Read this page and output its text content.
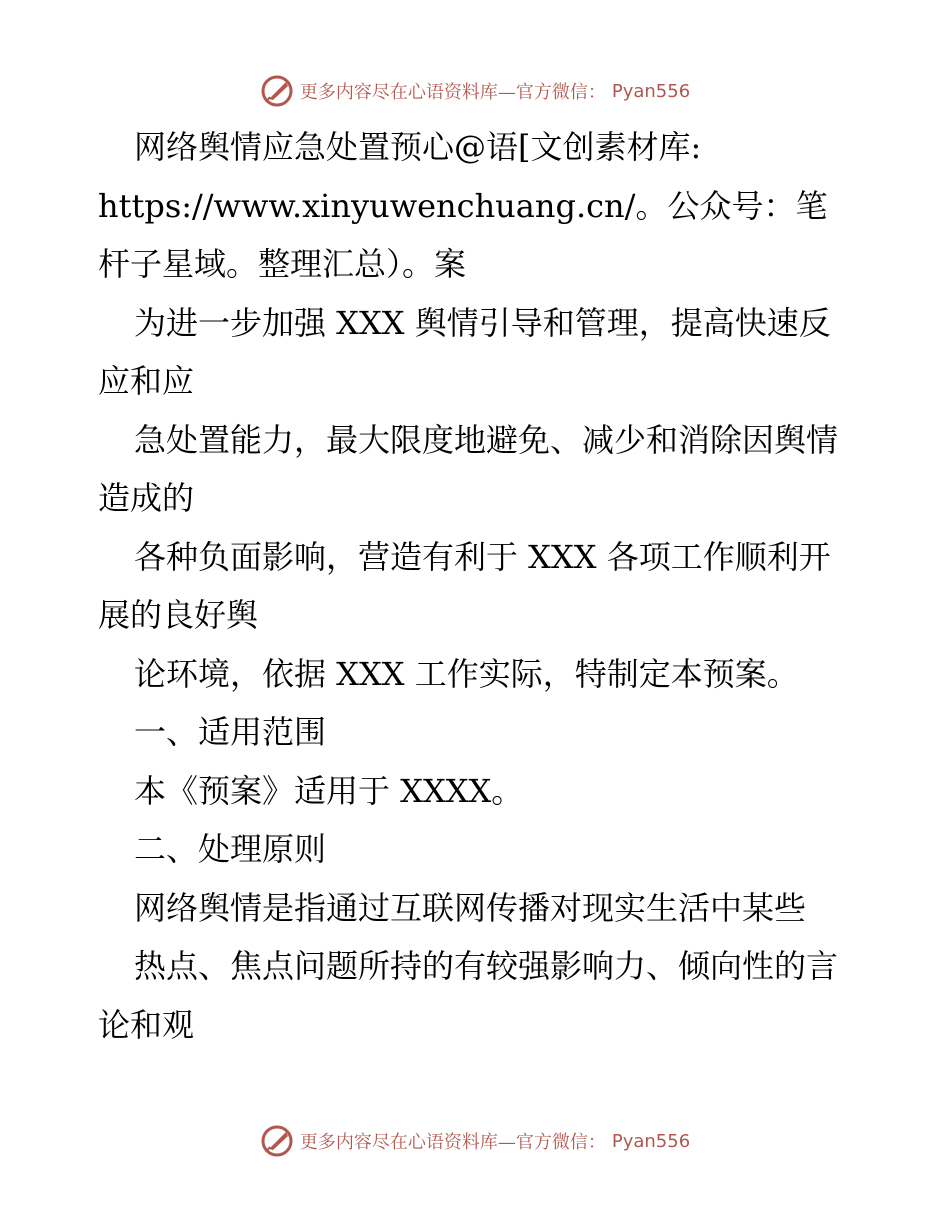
更多内容尽在心语资料库—官方微信： Pyan556

网络舆情应急处置预心@语[文创素材库: https://www.xinyuwenchuang.cn/。公众号：笔杆子星域。整理汇总）。案

为进一步加强 XXX 舆情引导和管理，提高快速反应和应

急处置能力，最大限度地避免、减少和消除因舆情造成的

各种负面影响，营造有利于 XXX 各项工作顺利开展的良好舆

论环境，依据 XXX 工作实际，特制定本预案。

一、适用范围

本《预案》适用于 XXXX。

二、处理原则

网络舆情是指通过互联网传播对现实生活中某些

热点、焦点问题所持的有较强影响力、倾向性的言论和观

更多内容尽在心语资料库—官方微信： Pyan556
